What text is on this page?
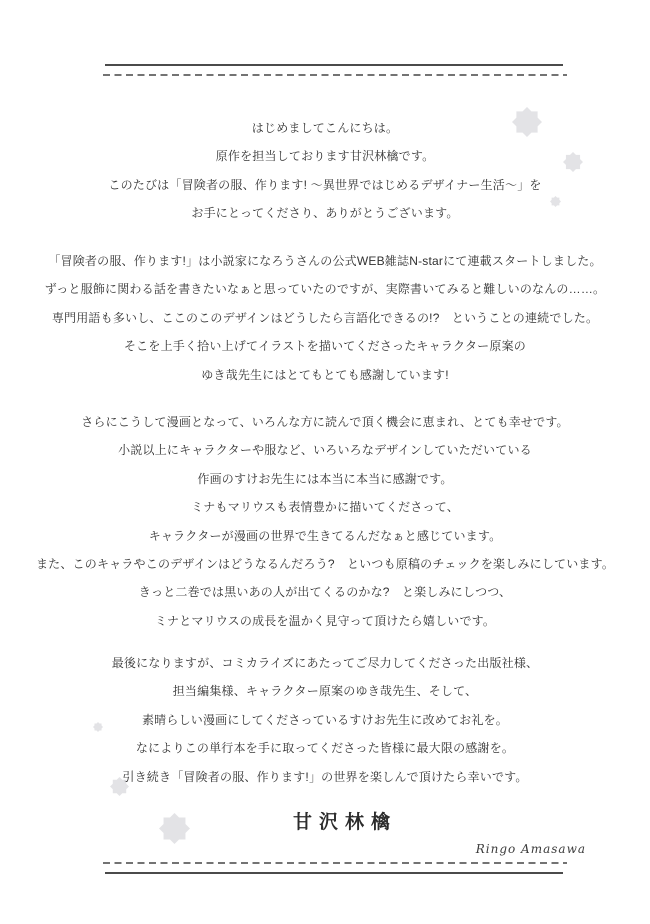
はじめましてこんにちは。
原作を担当しております甘沢林檎です。
このたびは「冒険者の服、作ります! ～異世界ではじめるデザイナー生活～」を
お手にとってくださり、ありがとうございます。
「冒険者の服、作ります!」は小説家になろうさんの公式WEB雑誌N-starにて連載スタートしました。
ずっと服飾に関わる話を書きたいなぁと思っていたのですが、実際書いてみると難しいのなんの……。
専門用語も多いし、ここのこのデザインはどうしたら言語化できるの!?　ということの連続でした。
そこを上手く拾い上げてイラストを描いてくださったキャラクター原案の
ゆき哉先生にはとてもとても感謝しています!
さらにこうして漫画となって、いろんな方に読んで頂く機会に恵まれ、とても幸せです。
小説以上にキャラクターや服など、いろいろなデザインしていただいている
作画のすけお先生には本当に本当に感謝です。
ミナもマリウスも表情豊かに描いてくださって、
キャラクターが漫画の世界で生きてるんだなぁと感じています。
また、このキャラやこのデザインはどうなるんだろう?　といつも原稿のチェックを楽しみにしています。
きっと二巻では黒いあの人が出てくるのかな?　と楽しみにしつつ、
ミナとマリウスの成長を温かく見守って頂けたら嬉しいです。
最後になりますが、コミカライズにあたってご尽力してくださった出版社様、
担当編集様、キャラクター原案のゆき哉先生、そして、
素晴らしい漫画にしてくださっているすけお先生に改めてお礼を。
なによりこの単行本を手に取ってくださった皆様に最大限の感謝を。
引き続き「冒険者の服、作ります!」の世界を楽しんで頂けたら幸いです。
甘沢林檎
Ringo Amasawa
